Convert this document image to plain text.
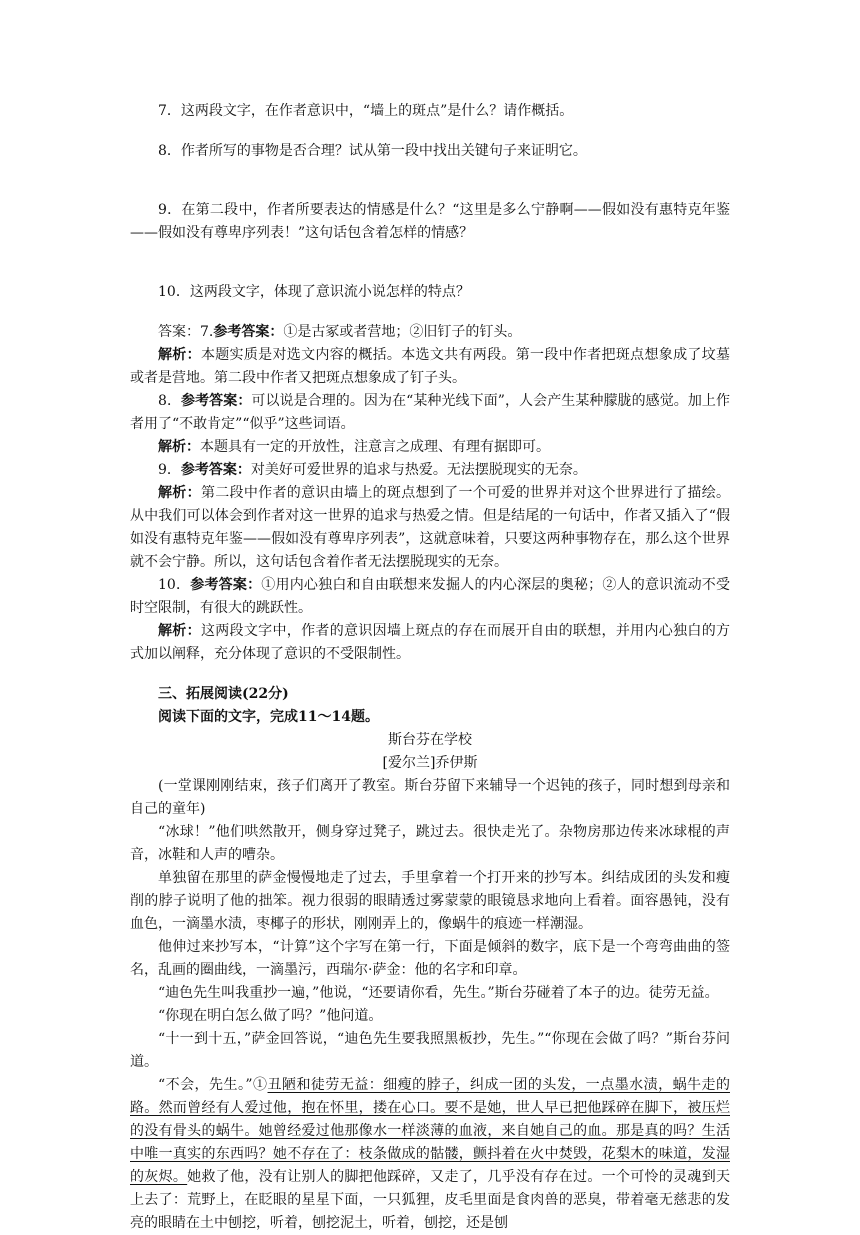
7．这两段文字，在作者意识中，“墙上的斑点”是什么？请作概括。

8．作者所写的事物是否合理？试从第一段中找出关键句子来证明它。

9．在第二段中，作者所要表达的情感是什么？“这里是多么宁静啊——假如没有惠特克年鉴——假如没有尊卑序列表！”这句话包含着怎样的情感？

10．这两段文字，体现了意识流小说怎样的特点？

答案：7.参考答案：①是古冢或者营地；②旧钉子的钉头。

解析：本题实质是对选文内容的概括。本选文共有两段。第一段中作者把斑点想象成了坟墓或者是营地。第二段中作者又把斑点想象成了钉子头。

8．参考答案：可以说是合理的。因为在“某种光线下面”，人会产生某种朦胧的感觉。加上作者用了“不敢肯定”“似乎”这些词语。

解析：本题具有一定的开放性，注意言之成理、有理有据即可。

9．参考答案：对美好可爱世界的追求与热爱。无法摆脱现实的无奈。

解析：第二段中作者的意识由墙上的斑点想到了一个可爱的世界并对这个世界进行了描绘。从中我们可以体会到作者对这一世界的追求与热爱之情。但是结尾的一句话中，作者又插入了“假如没有惠特克年鉴——假如没有尊卑序列表”，这就意味着，只要这两种事物存在，那么这个世界就不会宁静。所以，这句话包含着作者无法摆脱现实的无奈。

10．参考答案：①用内心独白和自由联想来发掘人的内心深层的奥秘；②人的意识流动不受时空限制，有很大的跳跃性。

解析：这两段文字中，作者的意识因墙上斑点的存在而展开自由的联想，并用内心独白的方式加以阐释，充分体现了意识的不受限制性。

三、拓展阅读(22分)

阅读下面的文字，完成11～14题。

斯台芬在学校

[爱尔兰]乔伊斯

(一堂课刚刚结束，孩子们离开了教室。斯台芬留下来辅导一个迟钝的孩子，同时想到母亲和自己的童年)

“冰球！”他们哄然散开，侧身穿过凳子，跳过去。很快走光了。杂物房那边传来冰球棍的声音，冰鞋和人声的嘈杂。

单独留在那里的萨金慢慢地走了过去，手里拿着一个打开来的抄写本。纠结成团的头发和瘦削的脖子说明了他的拙笨。视力很弱的眼睛透过雾蒙蒙的眼镜恳求地向上看着。面容愚钝，没有血色，一滴墨水渍，枣椰子的形状，刚刚弄上的，像蜗牛的痕迹一样潮湿。

他伸过来抄写本，“计算”这个字写在第一行，下面是倾斜的数字，底下是一个弯弯曲曲的签名，乱画的圈曲线，一滴墨污，西瑞尔·萨金：他的名字和印章。

“迪色先生叫我重抄一遍，”他说，“还要请你看，先生。”斯台芬碰着了本子的边。徒劳无益。

“你现在明白怎么做了吗？”他问道。

“十一到十五，”萨金回答说，“迪色先生要我照黑板抄，先生。”“你现在会做了吗？”斯台芬问道。

“不会，先生。”①丑陋和徒劳无益：细瘦的脖子，纠成一团的头发，一点墨水渍，蜗牛走的路。然而曾经有人爱过他，抱在怀里，搂在心口。要不是她，世人早已把他踩碎在脚下，被压烂的没有骨头的蜗牛。她曾经爱过他那像水一样淡薄的血液，来自她自己的血。那是真的吗？生活中唯一真实的东西吗？她不存在了：枝条做成的骷髅，颤抖着在火中焚毁，花梨木的味道，发湿的灰烬。她救了他，没有让别人的脚把他踩碎，又走了，几乎没有存在过。一个可怜的灵魂到天上去了：荒野上，在眨眼的星星下面，一只狐狸，皮毛里面是食肉兽的恶臭，带着毫无慈悲的发亮的眼睛在土中刨挖，听着，刨挖泥土，听着，刨挖，还是刨
